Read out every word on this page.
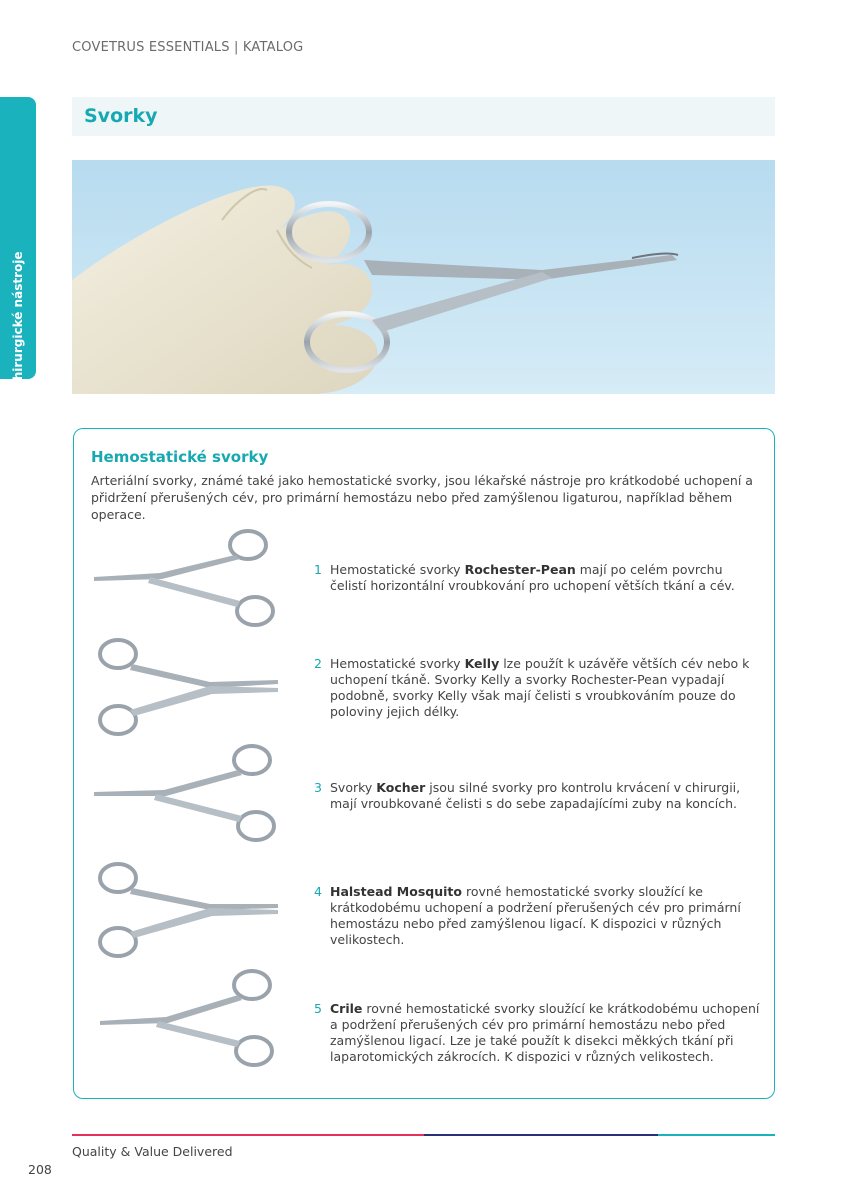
COVETRUS ESSENTIALS | KATALOG
15 | Chirurgické nástroje
Svorky
Hemostatické svorky
Arteriální svorky, známé také jako hemostatické svorky, jsou lékařské nástroje pro krátkodobé uchopení a přidržení přerušených cév, pro primární hemostázu nebo před zamýšlenou ligaturou, například během operace.
1 Hemostatické svorky Rochester-Pean mají po celém povrchu čelistí horizontální vroubkování pro uchopení větších tkání a cév.
2 Hemostatické svorky Kelly lze použít k uzávěře větších cév nebo k uchopení tkáně. Svorky Kelly a svorky Rochester-Pean vypadají podobně, svorky Kelly však mají čelisti s vroubkováním pouze do poloviny jejich délky.
3 Svorky Kocher jsou silné svorky pro kontrolu krvácení v chirurgii, mají vroubkované čelisti s do sebe zapadajícími zuby na koncích.
4 Halstead Mosquito rovné hemostatické svorky sloužící ke krátkodobému uchopení a podržení přerušených cév pro primární hemostázu nebo před zamýšlenou ligací. K dispozici v různých velikostech.
5 Crile rovné hemostatické svorky sloužící ke krátkodobému uchopení a podržení přerušených cév pro primární hemostázu nebo před zamýšlenou ligací. Lze je také použít k disekci měkkých tkání při laparotomických zákrocích. K dispozici v různých velikostech.
Quality & Value Delivered
208
